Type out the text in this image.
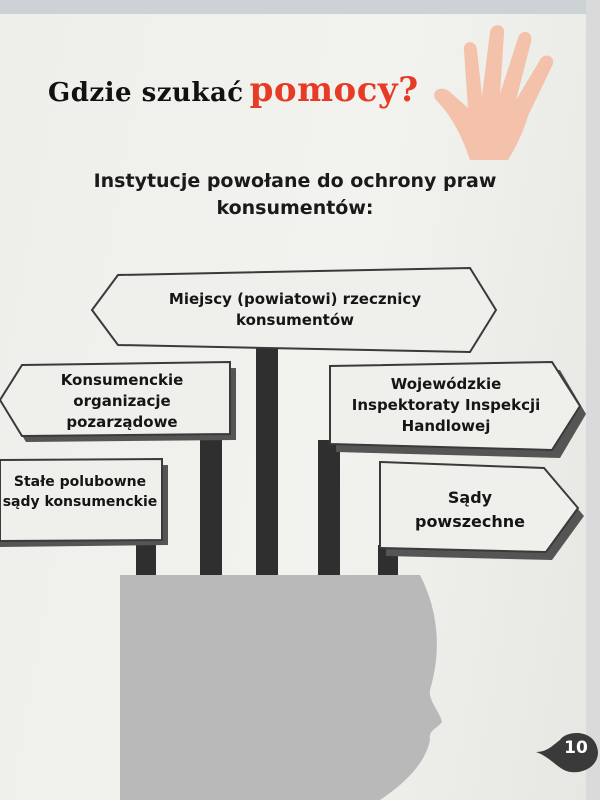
Gdzie szukać pomocy?
Instytucje powołane do ochrony praw konsumentów:
Miejscy (powiatowi) rzecznicy konsumentów
Konsumenckie organizacje pozarządowe
Stałe polubowne sądy konsumenckie
Wojewódzkie Inspektoraty Inspekcji Handlowej
Sądy powszechne
10
